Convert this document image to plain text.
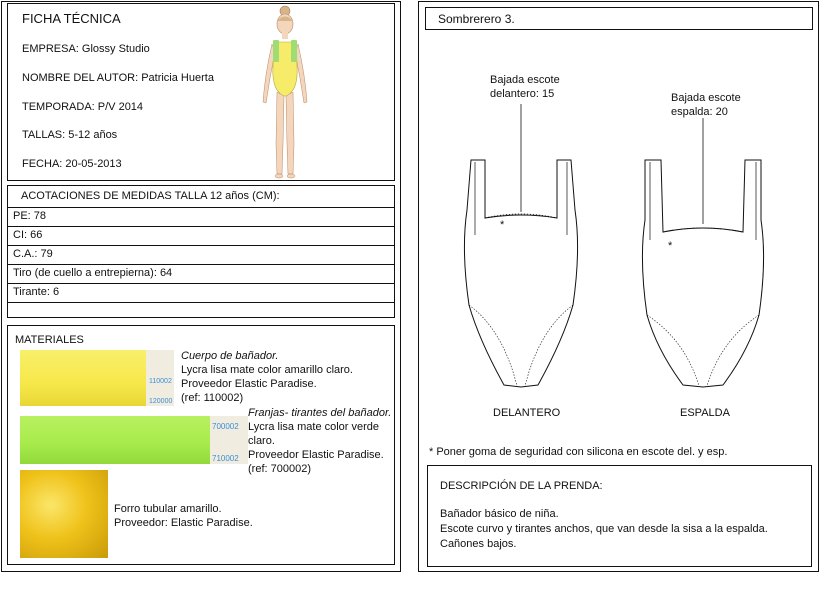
FICHA TÉCNICA
EMPRESA: Glossy Studio
NOMBRE DEL AUTOR: Patricia Huerta
TEMPORADA: P/V 2014
TALLAS: 5-12 años
FECHA: 20-05-2013
ACOTACIONES DE MEDIDAS TALLA 12 años (CM):
PE: 78
CI: 66
C.A.: 79
Tiro (de cuello a entrepierna): 64
Tirante: 6
MATERIALES
110002
120000
Cuerpo de bañador.
Lycra lisa mate color amarillo claro.
Proveedor Elastic Paradise.
(ref: 110002)
700002
710002
Franjas- tirantes del bañador.
Lycra lisa mate color verde
claro.
Proveedor Elastic Paradise.
(ref: 700002)
Forro tubular amarillo.
Proveedor: Elastic Paradise.
Sombrerero 3.
Bajada escote
delantero: 15	Bajada escote
espalda: 20
*
*
DELANTERO	ESPALDA
* Poner goma de seguridad con silicona en escote del. y esp.
DESCRIPCIÓN DE LA PRENDA:
Bañador básico de niña.
Escote curvo y tirantes anchos, que van desde la sisa a la espalda.
Cañones bajos.
